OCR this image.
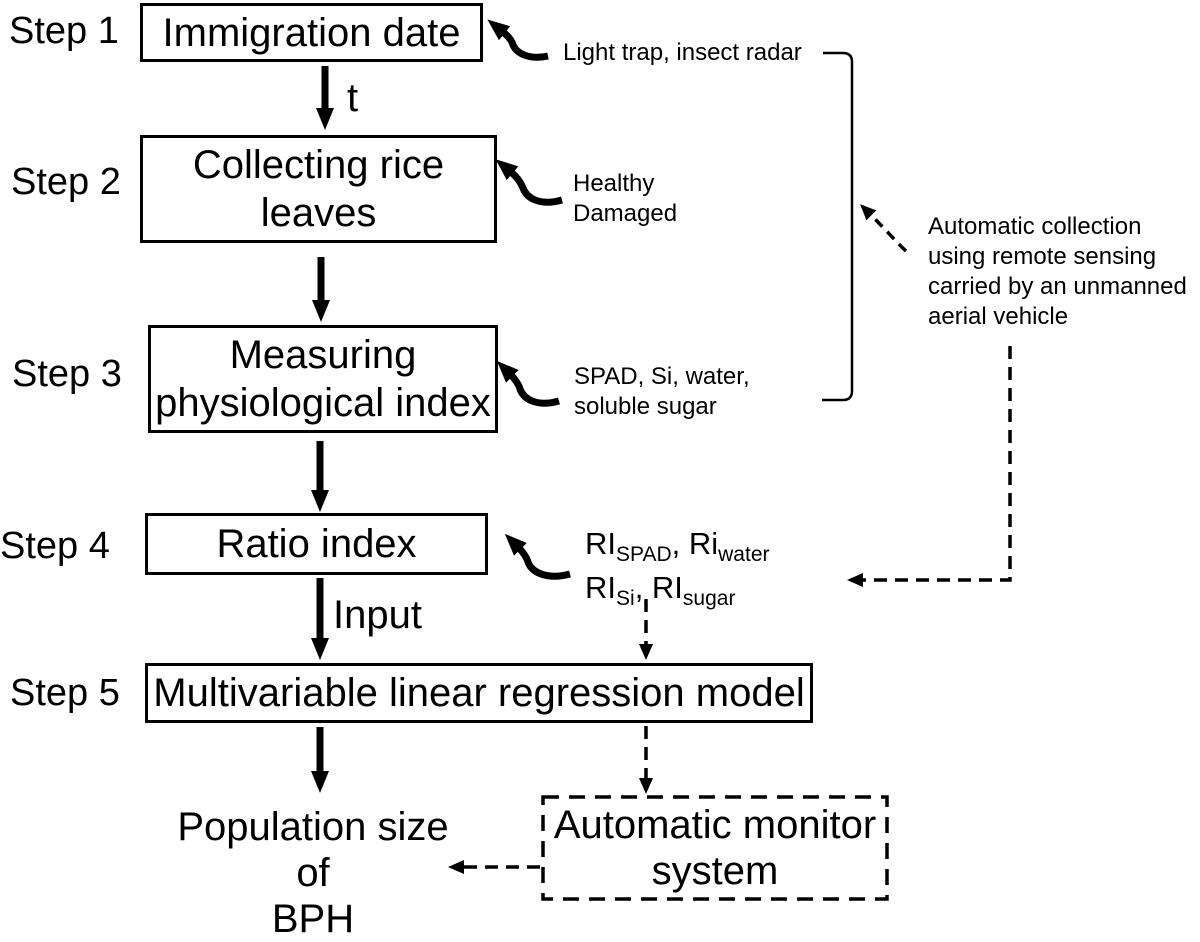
Step 1
Step 2
Step 3
Step 4
Step 5
Immigration date
Collecting rice leaves
Measuring physiological index
Ratio index
Multivariable linear regression model
t
Input
Light trap, insect radar
Healthy
Damaged
SPAD, Si, water,
soluble sugar
$RI_{SPAD}$, $Ri_{water}$
$RI_{Si}$, $RI_{sugar}$
Automatic collection
using remote sensing
carried by an unmanned
aerial vehicle
Population size of
BPH
Automatic monitor
system
